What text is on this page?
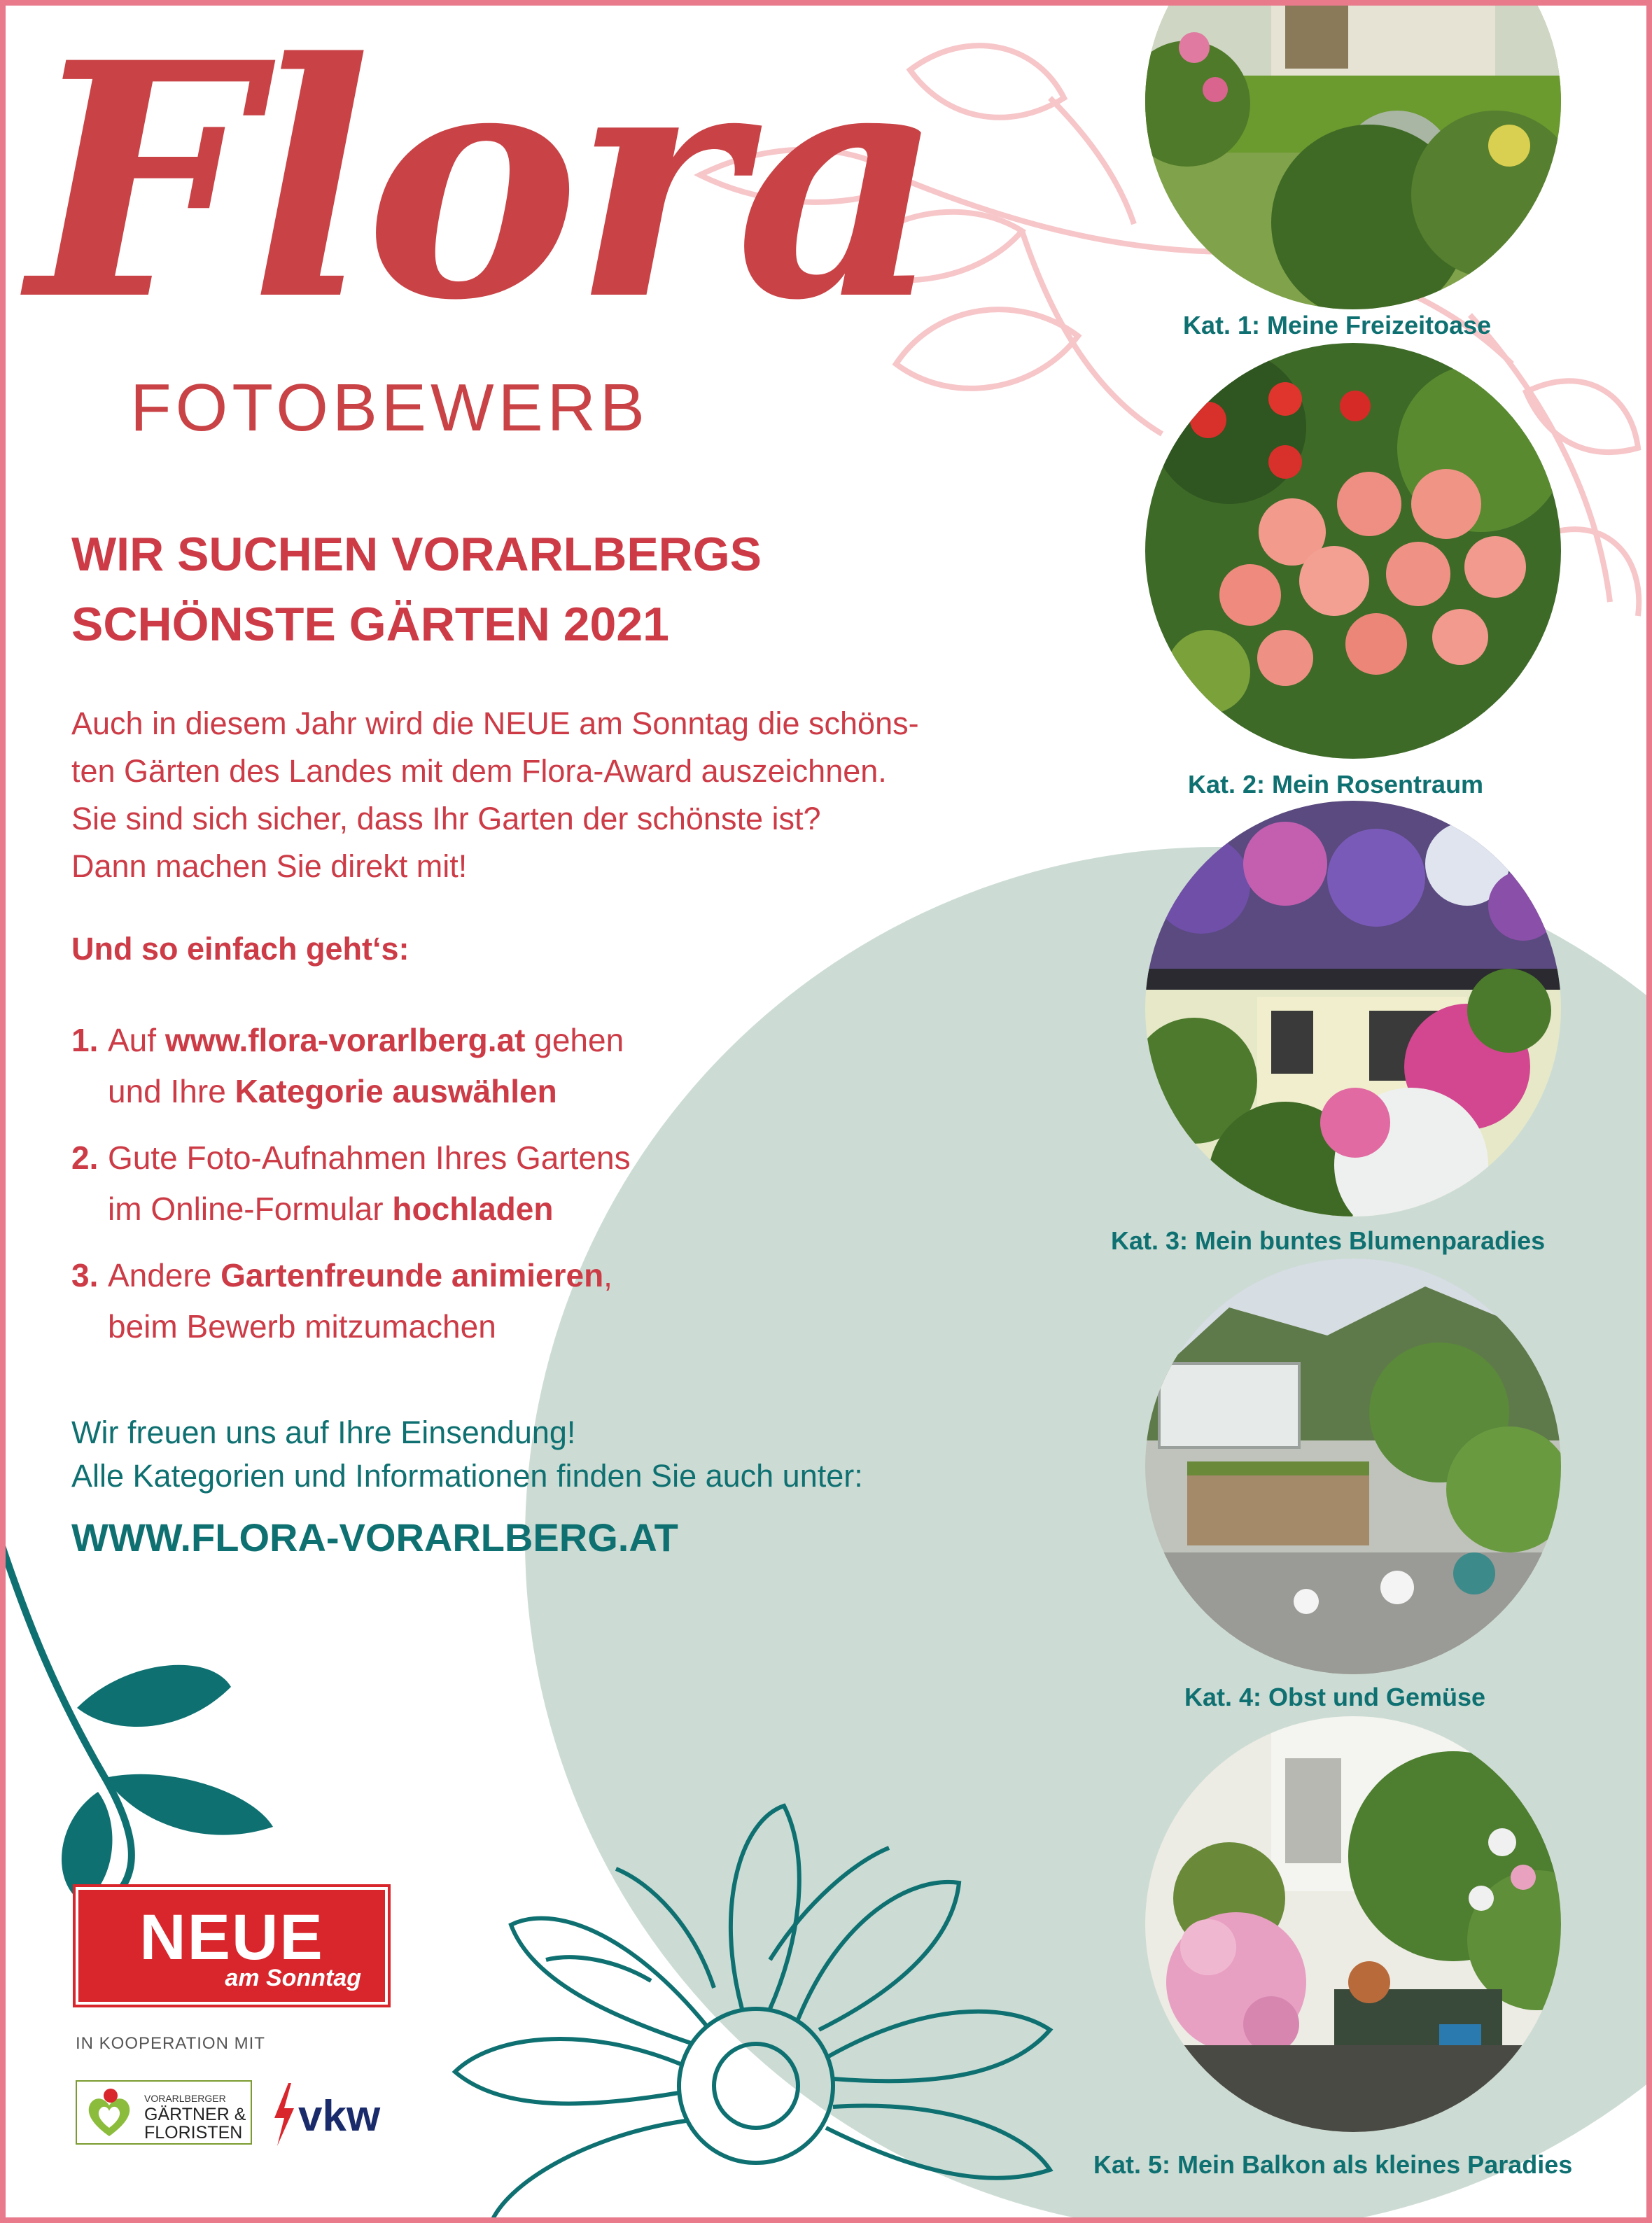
Flora
FOTOBEWERB
WIR SUCHEN VORARLBERGS
SCHÖNSTE GÄRTEN 2021

Auch in diesem Jahr wird die NEUE am Sonntag die schöns-
ten Gärten des Landes mit dem Flora-Award auszeichnen.
Sie sind sich sicher, dass Ihr Garten der schönste ist?
Dann machen Sie direkt mit!

Und so einfach geht‘s:
1. Auf www.flora-vorarlberg.at gehen
und Ihre Kategorie auswählen
2. Gute Foto-Aufnahmen Ihres Gartens
im Online-Formular hochladen
3. Andere Gartenfreunde animieren,
beim Bewerb mitzumachen
Wir freuen uns auf Ihre Einsendung!
Alle Kategorien und Informationen finden Sie auch unter:
WWW.FLORA-VORARLBERG.AT
Kat. 1: Meine Freizeitoase
Kat. 2: Mein Rosentraum
Kat. 3: Mein buntes Blumenparadies
Kat. 4: Obst und Gemüse
Kat. 5: Mein Balkon als kleines Paradies
NEUE
am Sonntag
IN KOOPERATION MIT
VORARLBERGER
GÄRTNER &
FLORISTEN vkw
